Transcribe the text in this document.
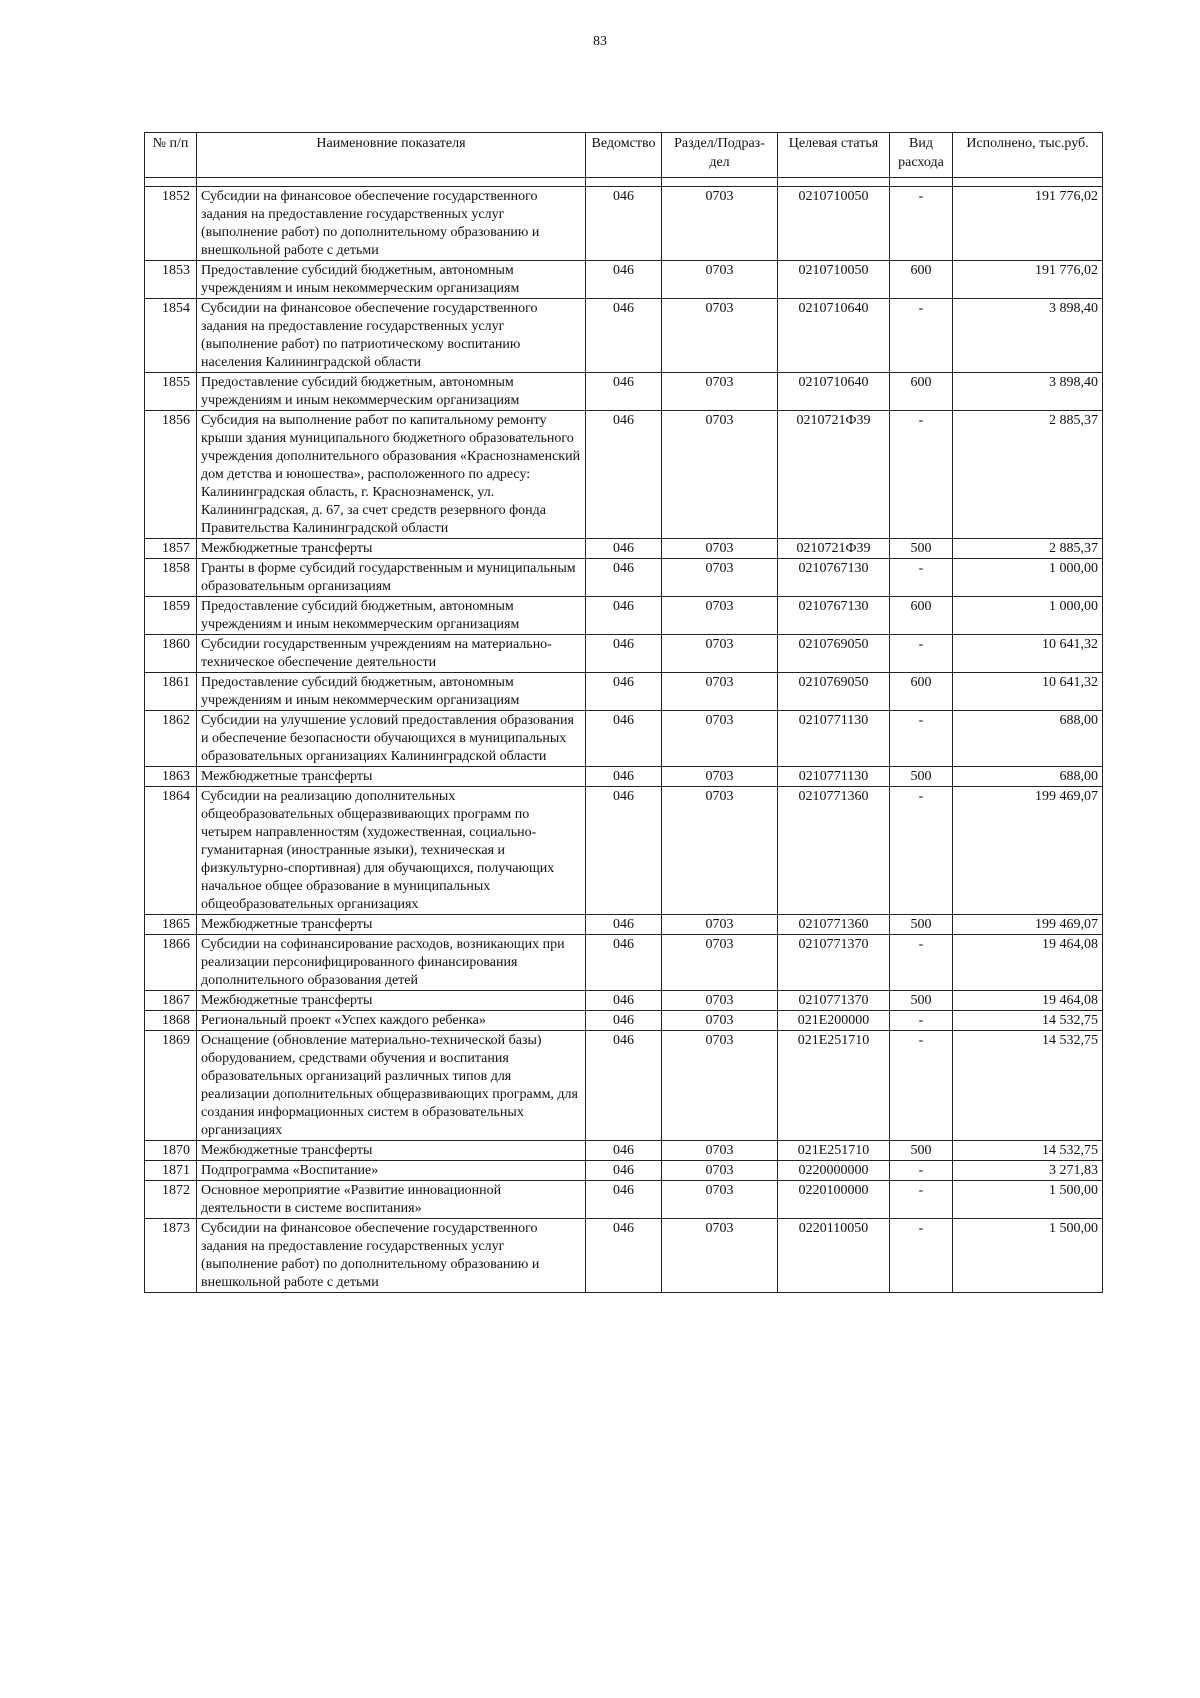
83
№ п/п	Наименовние показателя	Ведомство	Раздел/Подраз-дел	Целевая статья	Вид расхода	Исполнено, тыс.руб.

1852	Субсидии на финансовое обеспечение государственного задания на предоставление государственных услуг (выполнение работ) по дополнительному образованию и внешкольной работе с детьми	046	0703	0210710050	-	191 776,02
1853	Предоставление субсидий бюджетным, автономным учреждениям и иным некоммерческим организациям	046	0703	0210710050	600	191 776,02
1854	Субсидии на финансовое обеспечение государственного задания на предоставление государственных услуг (выполнение работ) по патриотическому воспитанию населения Калининградской области	046	0703	0210710640	-	3 898,40
1855	Предоставление субсидий бюджетным, автономным учреждениям и иным некоммерческим организациям	046	0703	0210710640	600	3 898,40
1856	Субсидия на выполнение работ по капитальному ремонту крыши здания муниципального бюджетного образовательного учреждения дополнительного образования «Краснознаменский дом детства и юношества», расположенного по адресу: Калининградская область, г. Краснознаменск, ул. Калининградская, д. 67, за счет средств резервного фонда Правительства Калининградской области	046	0703	0210721Ф39	-	2 885,37
1857	Межбюджетные трансферты	046	0703	0210721Ф39	500	2 885,37
1858	Гранты в форме субсидий государственным и муниципальным образовательным организациям	046	0703	0210767130	-	1 000,00
1859	Предоставление субсидий бюджетным, автономным учреждениям и иным некоммерческим организациям	046	0703	0210767130	600	1 000,00
1860	Субсидии государственным учреждениям на материально-техническое обеспечение деятельности	046	0703	0210769050	-	10 641,32
1861	Предоставление субсидий бюджетным, автономным учреждениям и иным некоммерческим организациям	046	0703	0210769050	600	10 641,32
1862	Субсидии на улучшение условий предоставления образования и обеспечение безопасности обучающихся в муниципальных образовательных организациях Калининградской области	046	0703	0210771130	-	688,00
1863	Межбюджетные трансферты	046	0703	0210771130	500	688,00
1864	Субсидии на реализацию дополнительных общеобразовательных общеразвивающих программ по четырем направленностям (художественная, социально-гуманитарная (иностранные языки), техническая и физкультурно-спортивная) для обучающихся, получающих начальное общее образование в муниципальных общеобразовательных организациях	046	0703	0210771360	-	199 469,07
1865	Межбюджетные трансферты	046	0703	0210771360	500	199 469,07
1866	Субсидии на софинансирование расходов, возникающих при реализации персонифицированного финансирования дополнительного образования детей	046	0703	0210771370	-	19 464,08
1867	Межбюджетные трансферты	046	0703	0210771370	500	19 464,08
1868	Региональный проект «Успех каждого ребенка»	046	0703	021Е200000	-	14 532,75
1869	Оснащение (обновление материально-технической базы) оборудованием, средствами обучения и воспитания образовательных организаций различных типов для реализации дополнительных общеразвивающих программ, для создания информационных систем в образовательных организациях	046	0703	021Е251710	-	14 532,75
1870	Межбюджетные трансферты	046	0703	021Е251710	500	14 532,75
1871	Подпрограмма «Воспитание»	046	0703	0220000000	-	3 271,83
1872	Основное мероприятие «Развитие инновационной деятельности в системе воспитания»	046	0703	0220100000	-	1 500,00
1873	Субсидии на финансовое обеспечение государственного задания на предоставление государственных услуг (выполнение работ) по дополнительному образованию и внешкольной работе с детьми	046	0703	0220110050	-	1 500,00
